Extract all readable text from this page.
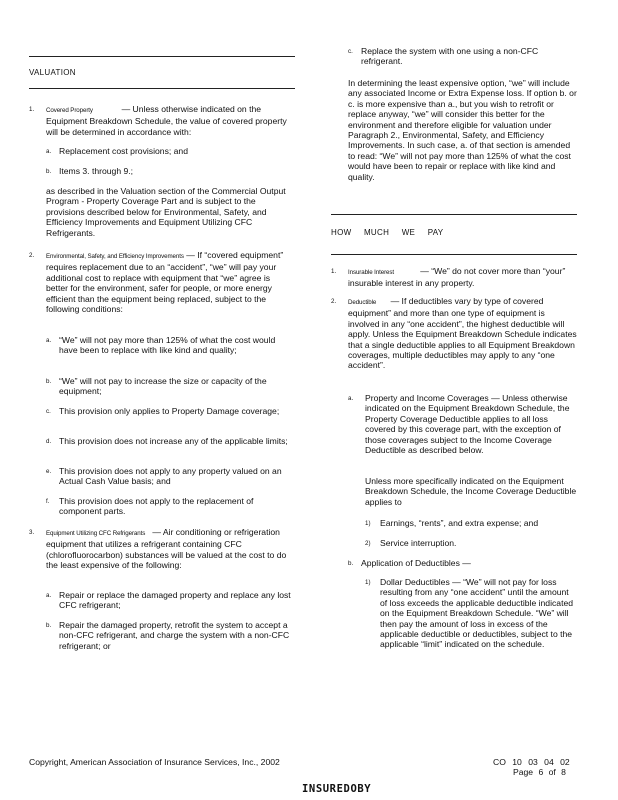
VALUATION
1. Covered Property	— Unless otherwise indicated on the Equipment Breakdown Schedule, the value of covered property will be determined in accordance with:

a. Replacement cost provisions; and

b. Items 3. through 9.;

as described in the Valuation section of the Commercial Output Program - Property Coverage Part and is subject to the provisions described below for Environmental, Safety, and Efficiency Improvements and Equipment Utilizing CFC Refrigerants.

2. Environmental, Safety, and Efficiency Improvements — If “covered equipment” requires replacement due to an “accident”, “we” will pay your additional cost to replace with equipment that “we” agree is better for the environment, safer for people, or more energy efficient than the equipment being replaced, subject to the following conditions:

a. “We” will not pay more than 125% of what the cost would have been to replace with like kind and quality;

b. “We” will not pay to increase the size or capacity of the equipment;

c. This provision only applies to Property Damage coverage;

d. This provision does not increase any of the applicable limits;

e. This provision does not apply to any property valued on an Actual Cash Value basis; and

f. This provision does not apply to the replacement of component parts.

3. Equipment Utilizing CFC Refrigerants — Air conditioning or refrigeration equipment that utilizes a refrigerant containing CFC (chlorofluorocarbon) substances will be valued at the cost to do the least expensive of the following:

a. Repair or replace the damaged property and replace any lost CFC refrigerant;

b. Repair the damaged property, retrofit the system to accept a non-CFC refrigerant, and charge the system with a non-CFC refrigerant; or

c. Replace the system with one using a non-CFC refrigerant.

In determining the least expensive option, “we” will include any associated Income or Extra Expense loss. If option b. or c. is more expensive than a., but you wish to retrofit or replace anyway, “we” will consider this better for the environment and therefore eligible for valuation under Paragraph 2., Environmental, Safety, and Efficiency Improvements. In such case, a. of that section is amended to read: “We” will not pay more than 125% of what the cost would have been to repair or replace with like kind and quality.

HOW MUCH WE PAY
1. Insurable Interest	— “We” do not cover more than “your” insurable interest in any property.

2. Deductible — If deductibles vary by type of covered equipment” and more than one type of equipment is involved in any “one accident”, the highest deductible will apply. Unless the Equipment Breakdown Schedule indicates that a single deductible applies to all Equipment Breakdown coverages, multiple deductibles may apply to any “one accident”.

a. Property and Income Coverages — Unless otherwise indicated on the Equipment Breakdown Schedule, the Property Coverage Deductible applies to all loss covered by this coverage part, with the exception of those coverages subject to the Income Coverage Deductible as described below.

Unless more specifically indicated on the Equipment Breakdown Schedule, the Income Coverage Deductible applies to

1) Earnings, “rents”, and extra expense; and

2) Service interruption.

b. Application of Deductibles —

1) Dollar Deductibles — “We” will not pay for loss resulting from any “one accident” until the amount of loss exceeds the applicable deductible indicated on the Equipment Breakdown Schedule. “We” will then pay the amount of loss in excess of the applicable deductible or deductibles, subject to the applicable “limit” indicated on the schedule.

Copyright, American Association of Insurance Services, Inc., 2002	CO 10 03 04 02
Page 6 of 8
INSUREDOBY
